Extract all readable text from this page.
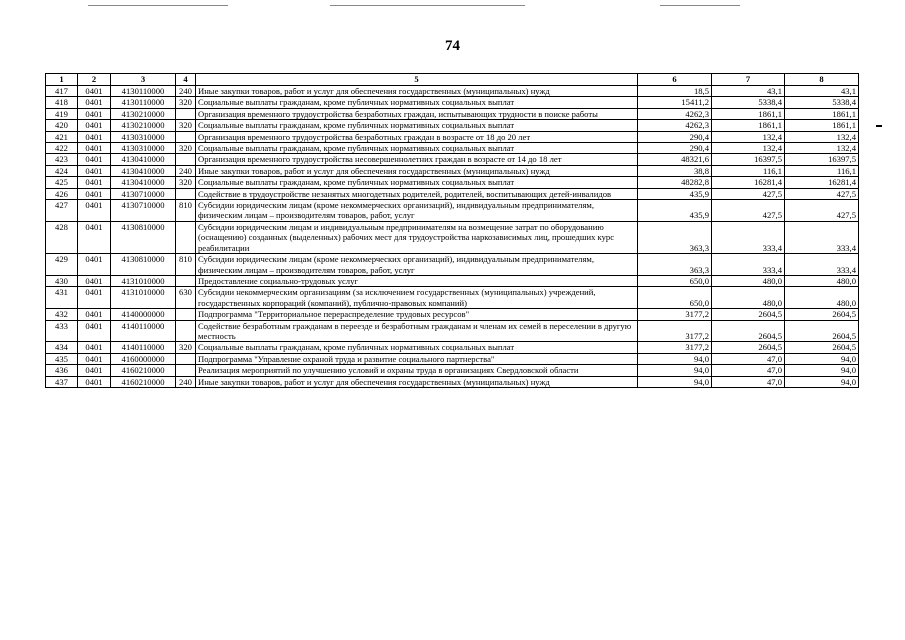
74
1	2	3	4	5	6	7	8
417	0401	4130110000	240	Иные закупки товаров, работ и услуг для обеспечения государственных (муниципальных) нужд	18,5	43,1	43,1
418	0401	4130110000	320	Социальные выплаты гражданам, кроме публичных нормативных социальных выплат	15411,2	5338,4	5338,4
419	0401	4130210000		Организация временного трудоустройства безработных граждан, испытывающих трудности в поиске работы	4262,3	1861,1	1861,1
420	0401	4130210000	320	Социальные выплаты гражданам, кроме публичных нормативных социальных выплат	4262,3	1861,1	1861,1
421	0401	4130310000		Организация временного трудоустройства безработных граждан в возрасте от 18 до 20 лет	290,4	132,4	132,4
422	0401	4130310000	320	Социальные выплаты гражданам, кроме публичных нормативных социальных выплат	290,4	132,4	132,4
423	0401	4130410000		Организация временного трудоустройства несовершеннолетних граждан в возрасте от 14 до 18 лет	48321,6	16397,5	16397,5
424	0401	4130410000	240	Иные закупки товаров, работ и услуг для обеспечения государственных (муниципальных) нужд	38,8	116,1	116,1
425	0401	4130410000	320	Социальные выплаты гражданам, кроме публичных нормативных социальных выплат	48282,8	16281,4	16281,4
426	0401	4130710000		Содействие в трудоустройстве незанятых многодетных родителей, родителей, воспитывающих детей-инвалидов	435,9	427,5	427,5
427	0401	4130710000	810	Субсидии юридическим лицам (кроме некоммерческих организаций), индивидуальным предпринимателям, физическим лицам – производителям товаров, работ, услуг	435,9	427,5	427,5
428	0401	4130810000		Субсидии юридическим лицам и индивидуальным предпринимателям на возмещение затрат по оборудованию (оснащению) созданных (выделенных) рабочих мест для трудоустройства наркозависимых лиц, прошедших курс реабилитации	363,3	333,4	333,4
429	0401	4130810000	810	Субсидии юридическим лицам (кроме некоммерческих организаций), индивидуальным предпринимателям, физическим лицам – производителям товаров, работ, услуг	363,3	333,4	333,4
430	0401	4131010000		Предоставление социально-трудовых услуг	650,0	480,0	480,0
431	0401	4131010000	630	Субсидии некоммерческим организациям (за исключением государственных (муниципальных) учреждений, государственных корпораций (компаний), публично-правовых компаний)	650,0	480,0	480,0
432	0401	4140000000		Подпрограмма "Территориальное перераспределение трудовых ресурсов"	3177,2	2604,5	2604,5
433	0401	4140110000		Содействие безработным гражданам в переезде и безработным гражданам и членам их семей в переселении в другую местность	3177,2	2604,5	2604,5
434	0401	4140110000	320	Социальные выплаты гражданам, кроме публичных нормативных социальных выплат	3177,2	2604,5	2604,5
435	0401	4160000000		Подпрограмма "Управление охраной труда и развитие социального партнерства"	94,0	47,0	94,0
436	0401	4160210000		Реализация мероприятий по улучшению условий и охраны труда в организациях Свердловской области	94,0	47,0	94,0
437	0401	4160210000	240	Иные закупки товаров, работ и услуг для обеспечения государственных (муниципальных) нужд	94,0	47,0	94,0
